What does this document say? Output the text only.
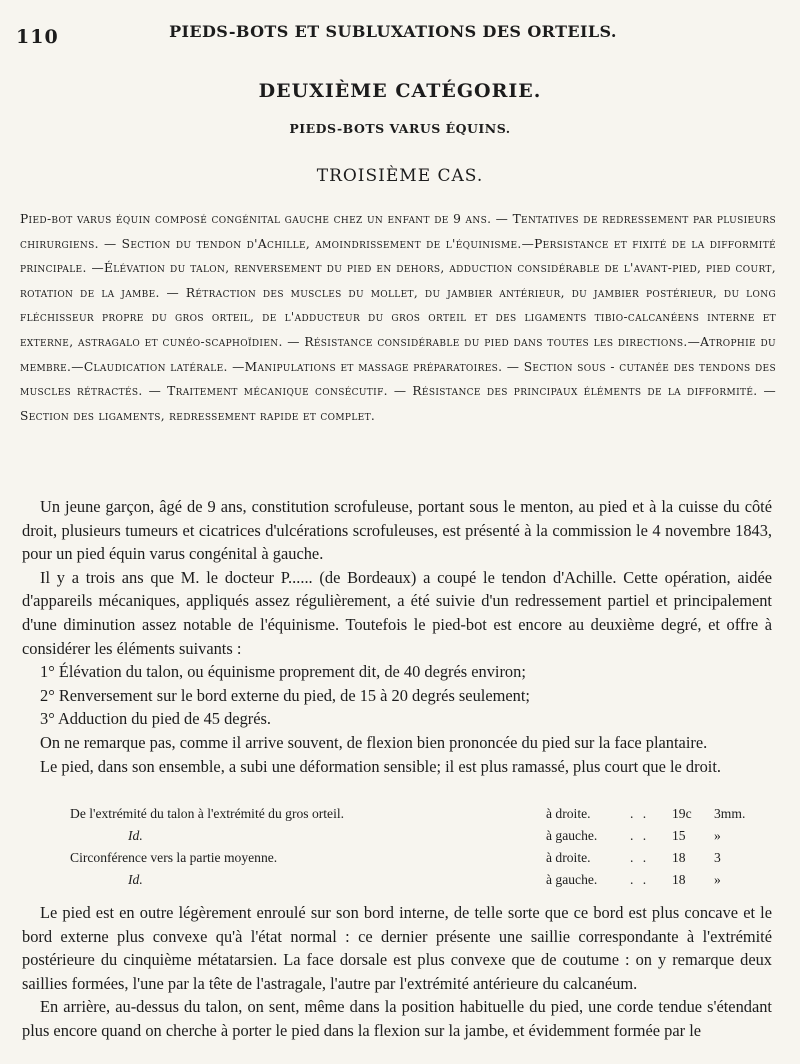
110	PIEDS-BOTS ET SUBLUXATIONS DES ORTEILS.
DEUXIÈME CATÉGORIE.
PIEDS-BOTS VARUS ÉQUINS.
TROISIÈME CAS.

Pied-bot varus équin composé congénital gauche chez un enfant de 9 ans. — Tentatives de redressement par plusieurs chirurgiens. — Section du tendon d'Achille, amoindrissement de l'équinisme.—Persistance et fixité de la difformité principale. —Élévation du talon, renversement du pied en dehors, adduction considérable de l'avant-pied, pied court, rotation de la jambe. — Rétraction des muscles du mollet, du jambier antérieur, du jambier postérieur, du long fléchisseur propre du gros orteil, de l'adducteur du gros orteil et des ligaments tibio-calcanéens interne et externe, astragalo et cunéo-scaphoïdien. — Résistance considérable du pied dans toutes les directions.—Atrophie du membre.—Claudication latérale. —Manipulations et massage préparatoires. — Section sous - cutanée des tendons des muscles rétractés. — Traitement mécanique consécutif. — Résistance des principaux éléments de la difformité. — Section des ligaments, redressement rapide et complet.

Un jeune garçon, âgé de 9 ans, constitution scrofuleuse, portant sous le menton, au pied et à la cuisse du côté droit, plusieurs tumeurs et cicatrices d'ulcérations scrofuleuses, est présenté à la commission le 4 novembre 1843, pour un pied équin varus congénital à gauche.

Il y a trois ans que M. le docteur P...... (de Bordeaux) a coupé le tendon d'Achille. Cette opération, aidée d'appareils mécaniques, appliqués assez régulièrement, a été suivie d'un redressement partiel et principalement d'une diminution assez notable de l'équinisme. Toutefois le pied-bot est encore au deuxième degré, et offre à considérer les éléments suivants :

1° Élévation du talon, ou équinisme proprement dit, de 40 degrés environ;

2° Renversement sur le bord externe du pied, de 15 à 20 degrés seulement;

3° Adduction du pied de 45 degrés.

On ne remarque pas, comme il arrive souvent, de flexion bien prononcée du pied sur la face plantaire.

Le pied, dans son ensemble, a subi une déformation sensible; il est plus ramassé, plus court que le droit.

De l'extrémité du talon à l'extrémité du gros orteil.	à droite.	. .	19c	3mm.
Id.	à gauche.	. .	15	»
Circonférence vers la partie moyenne.	à droite.	. .	18	3
Id.	à gauche.	. .	18	»

Le pied est en outre légèrement enroulé sur son bord interne, de telle sorte que ce bord est plus concave et le bord externe plus convexe qu'à l'état normal : ce dernier présente une saillie correspondante à l'extrémité postérieure du cinquième métatarsien. La face dorsale est plus convexe que de coutume : on y remarque deux saillies formées, l'une par la tête de l'astragale, l'autre par l'extrémité antérieure du calcanéum.

En arrière, au-dessus du talon, on sent, même dans la position habituelle du pied, une corde tendue s'étendant plus encore quand on cherche à porter le pied dans la flexion sur la jambe, et évidemment formée par le
